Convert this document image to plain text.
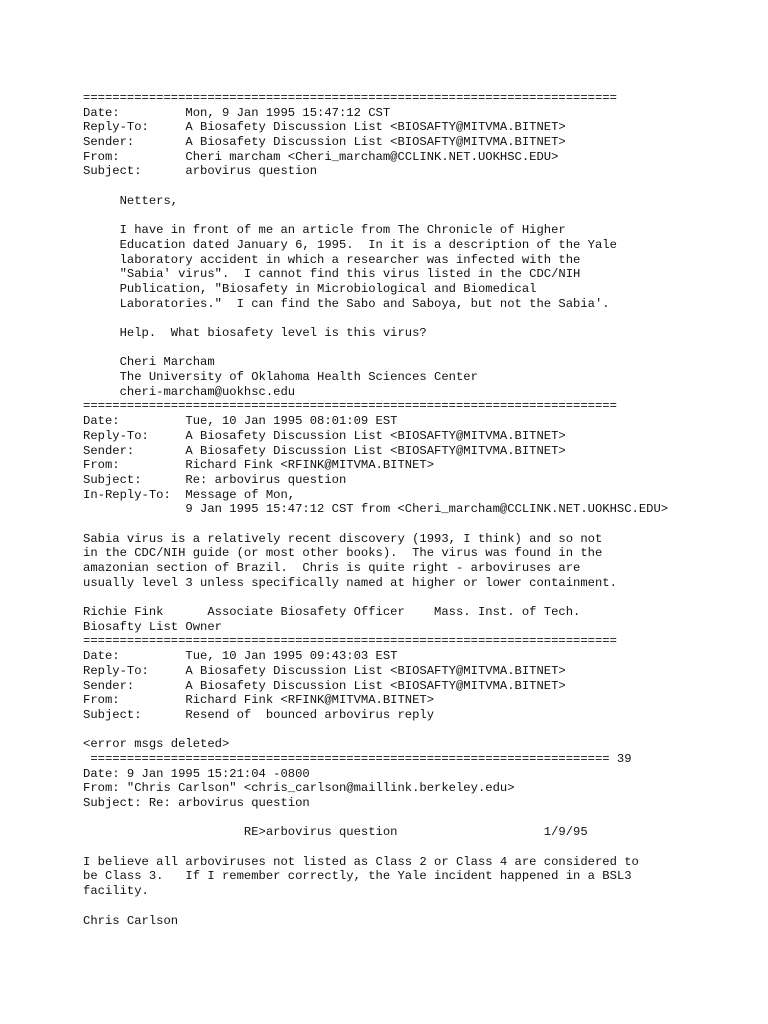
=========================================================================
Date:         Mon, 9 Jan 1995 15:47:12 CST
Reply-To:     A Biosafety Discussion List <BIOSAFTY@MITVMA.BITNET>
Sender:       A Biosafety Discussion List <BIOSAFTY@MITVMA.BITNET>
From:         Cheri marcham <Cheri_marcham@CCLINK.NET.UOKHSC.EDU>
Subject:      arbovirus question

Netters,

I have in front of me an article from The Chronicle of Higher
Education dated January 6, 1995.  In it is a description of the Yale
laboratory accident in which a researcher was infected with the
"Sabia' virus".  I cannot find this virus listed in the CDC/NIH
Publication, "Biosafety in Microbiological and Biomedical
Laboratories."  I can find the Sabo and Saboya, but not the Sabia'.

Help.  What biosafety level is this virus?

Cheri Marcham
The University of Oklahoma Health Sciences Center
cheri-marcham@uokhsc.edu
=========================================================================
Date:         Tue, 10 Jan 1995 08:01:09 EST
Reply-To:     A Biosafety Discussion List <BIOSAFTY@MITVMA.BITNET>
Sender:       A Biosafety Discussion List <BIOSAFTY@MITVMA.BITNET>
From:         Richard Fink <RFINK@MITVMA.BITNET>
Subject:      Re: arbovirus question
In-Reply-To:  Message of Mon,
9 Jan 1995 15:47:12 CST from <Cheri_marcham@CCLINK.NET.UOKHSC.EDU>

Sabia virus is a relatively recent discovery (1993, I think) and so not
in the CDC/NIH guide (or most other books).  The virus was found in the
amazonian section of Brazil.  Chris is quite right - arboviruses are
usually level 3 unless specifically named at higher or lower containment.

Richie Fink      Associate Biosafety Officer    Mass. Inst. of Tech.
Biosafty List Owner
=========================================================================
Date:         Tue, 10 Jan 1995 09:43:03 EST
Reply-To:     A Biosafety Discussion List <BIOSAFTY@MITVMA.BITNET>
Sender:       A Biosafety Discussion List <BIOSAFTY@MITVMA.BITNET>
From:         Richard Fink <RFINK@MITVMA.BITNET>
Subject:      Resend of  bounced arbovirus reply

<error msgs deleted>
======================================================================= 39
Date: 9 Jan 1995 15:21:04 -0800
From: "Chris Carlson" <chris_carlson@maillink.berkeley.edu>
Subject: Re: arbovirus question

RE>arbovirus question                    1/9/95

I believe all arboviruses not listed as Class 2 or Class 4 are considered to
be Class 3.   If I remember correctly, the Yale incident happened in a BSL3
facility.

Chris Carlson
